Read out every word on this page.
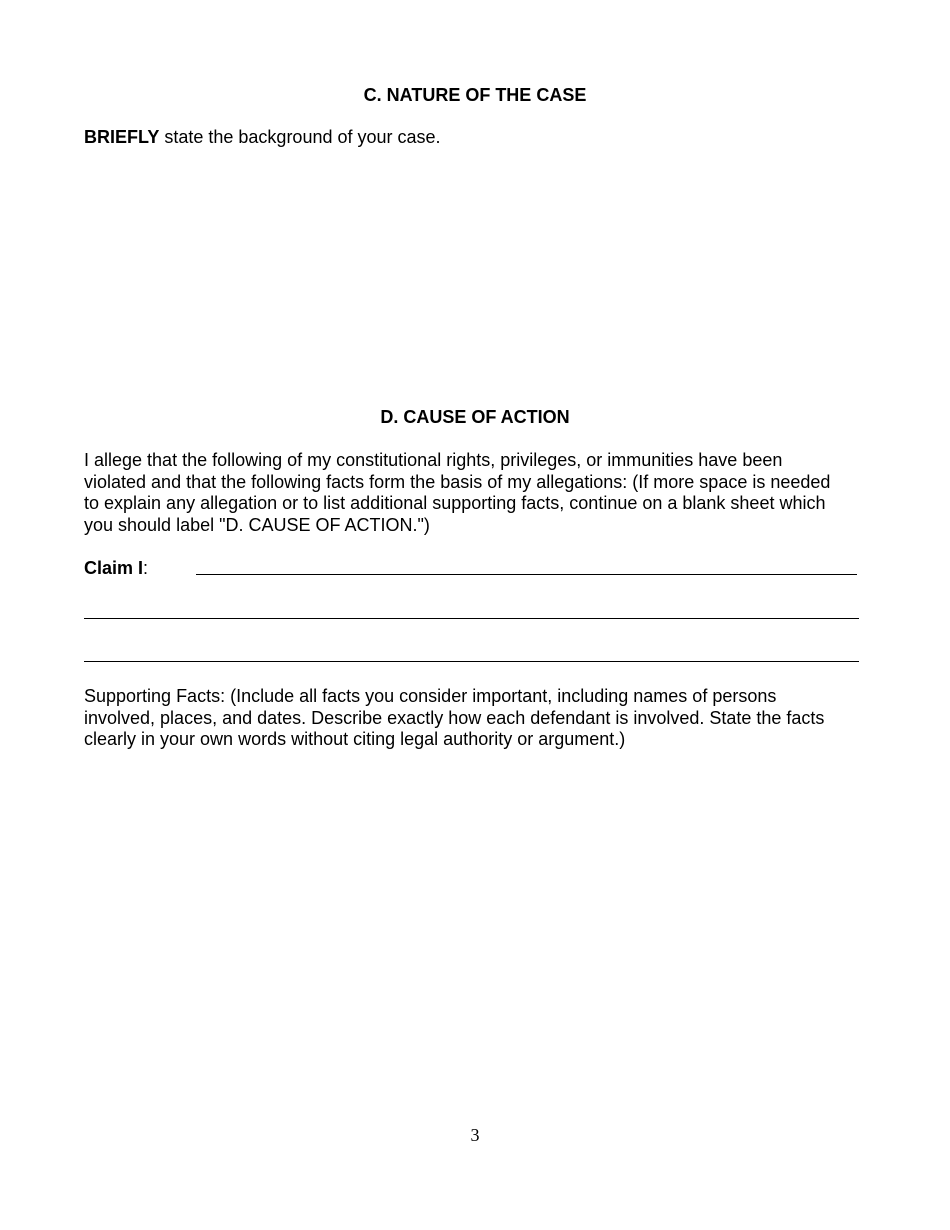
C. NATURE OF THE CASE

BRIEFLY state the background of your case.

D. CAUSE OF ACTION

I allege that the following of my constitutional rights, privileges, or immunities have been
violated and that the following facts form the basis of my allegations: (If more space is needed
to explain any allegation or to list additional supporting facts, continue on a blank sheet which
you should label "D. CAUSE OF ACTION.")

Claim I:

Supporting Facts: (Include all facts you consider important, including names of persons
involved, places, and dates. Describe exactly how each defendant is involved. State the facts
clearly in your own words without citing legal authority or argument.)

3
